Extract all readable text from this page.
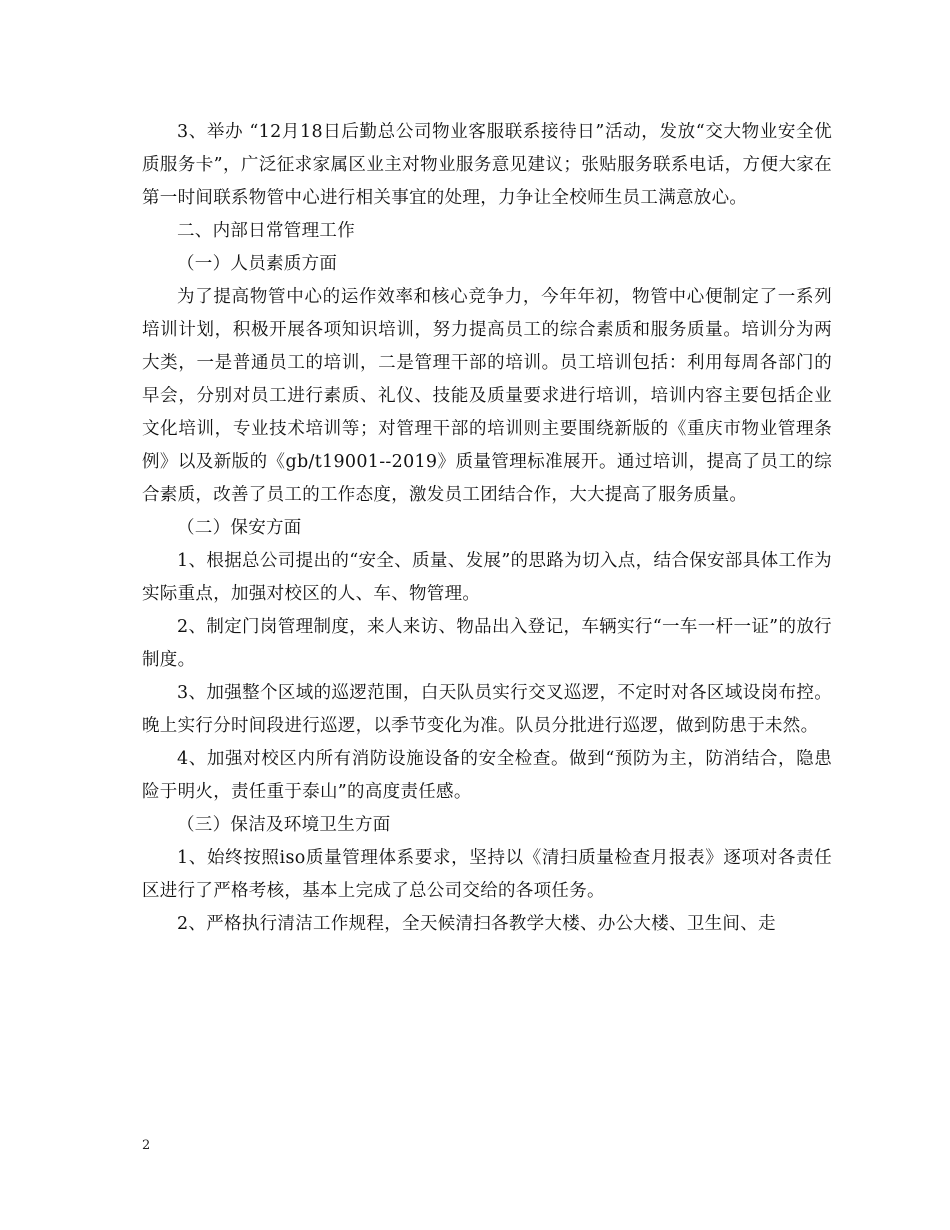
3、举办 “12月18日后勤总公司物业客服联系接待日”活动，发放“交大物业安全优质服务卡”，广泛征求家属区业主对物业服务意见建议；张贴服务联系电话，方便大家在第一时间联系物管中心进行相关事宜的处理，力争让全校师生员工满意放心。

二、内部日常管理工作

（一）人员素质方面

为了提高物管中心的运作效率和核心竞争力，今年年初，物管中心便制定了一系列培训计划，积极开展各项知识培训，努力提高员工的综合素质和服务质量。培训分为两大类，一是普通员工的培训，二是管理干部的培训。员工培训包括：利用每周各部门的早会，分别对员工进行素质、礼仪、技能及质量要求进行培训，培训内容主要包括企业文化培训，专业技术培训等；对管理干部的培训则主要围绕新版的《重庆市物业管理条例》以及新版的《gb/t19001--2019》质量管理标准展开。通过培训，提高了员工的综合素质，改善了员工的工作态度，激发员工团结合作，大大提高了服务质量。

（二）保安方面

1、根据总公司提出的“安全、质量、发展”的思路为切入点，结合保安部具体工作为实际重点，加强对校区的人、车、物管理。

2、制定门岗管理制度，来人来访、物品出入登记，车辆实行“一车一杆一证”的放行制度。

3、加强整个区域的巡逻范围，白天队员实行交叉巡逻，不定时对各区域设岗布控。晚上实行分时间段进行巡逻，以季节变化为准。队员分批进行巡逻，做到防患于未然。

4、加强对校区内所有消防设施设备的安全检查。做到“预防为主，防消结合，隐患险于明火，责任重于泰山”的高度责任感。

（三）保洁及环境卫生方面

1、始终按照iso质量管理体系要求，坚持以《清扫质量检查月报表》逐项对各责任区进行了严格考核，基本上完成了总公司交给的各项任务。

2、严格执行清洁工作规程，全天候清扫各教学大楼、办公大楼、卫生间、走

2
